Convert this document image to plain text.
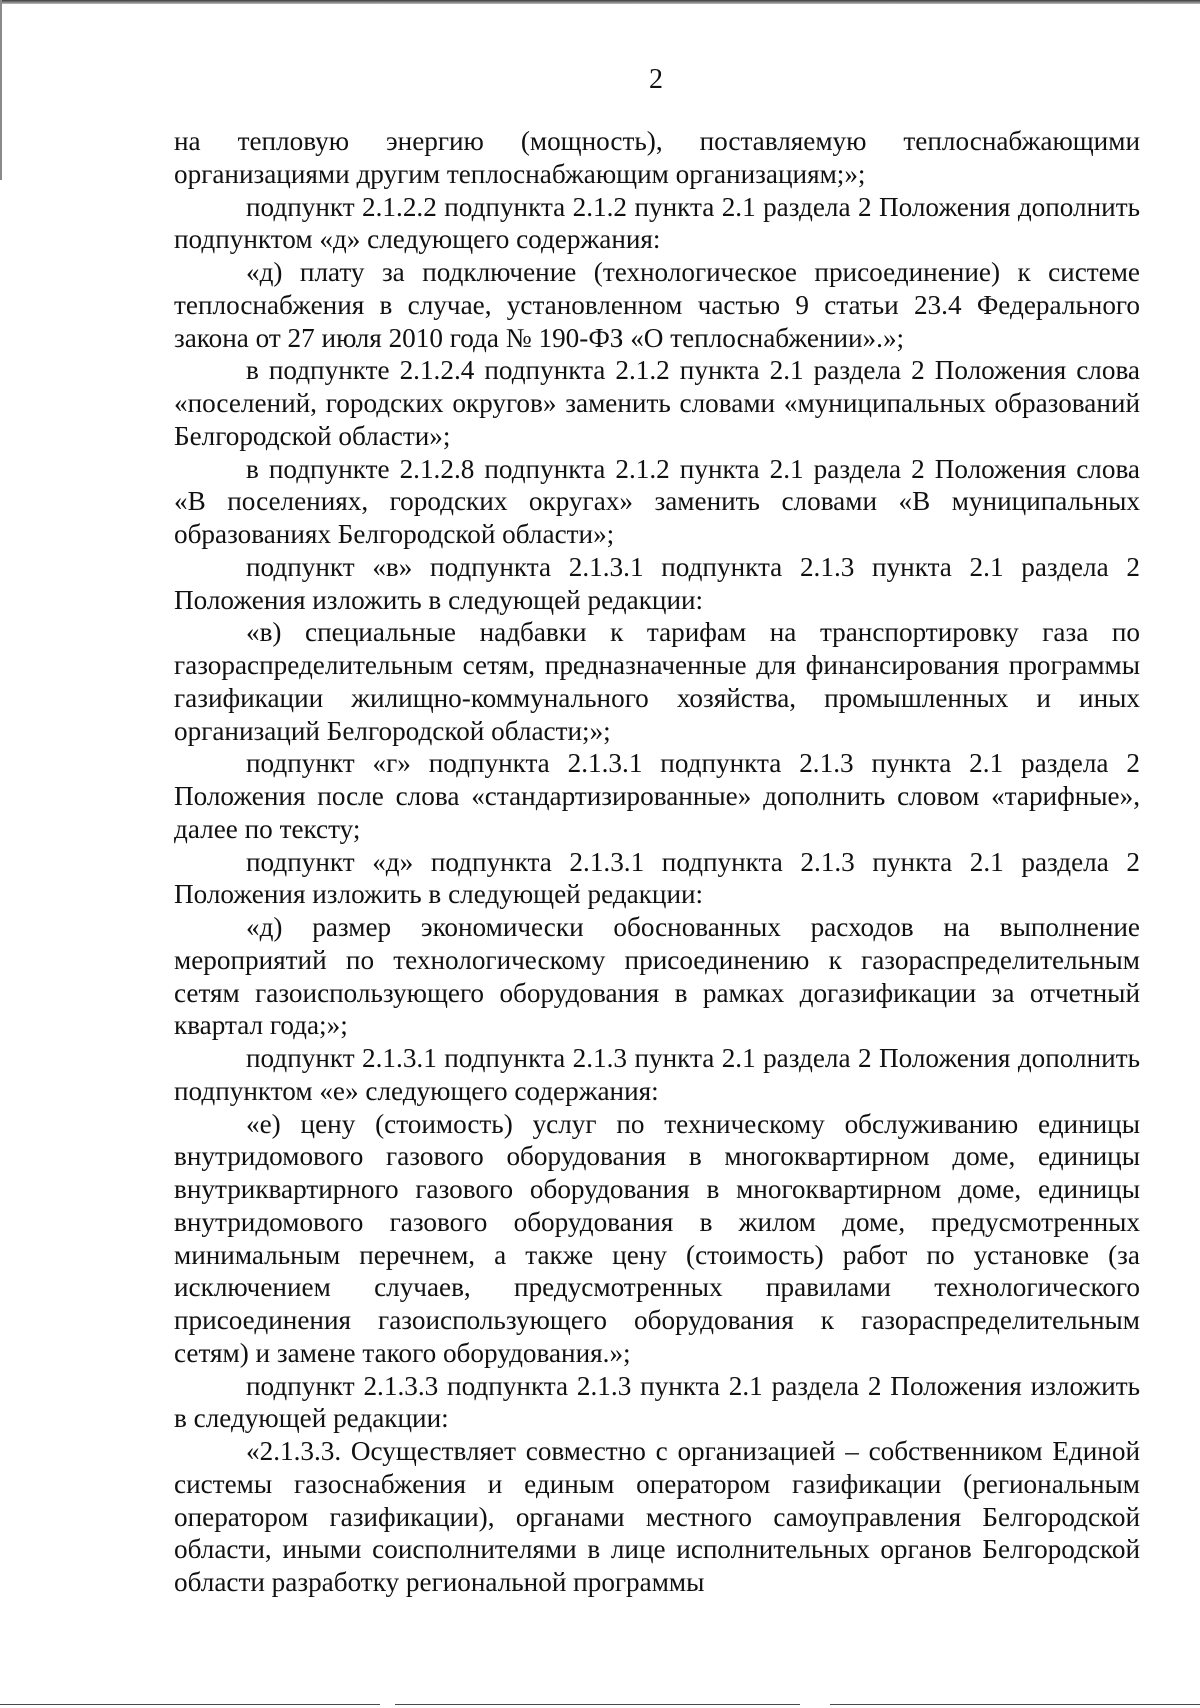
2

на тепловую энергию (мощность), поставляемую теплоснабжающими организациями другим теплоснабжающим организациям;»;

подпункт 2.1.2.2 подпункта 2.1.2 пункта 2.1 раздела 2 Положения дополнить подпунктом «д» следующего содержания:

«д) плату за подключение (технологическое присоединение) к системе теплоснабжения в случае, установленном частью 9 статьи 23.4 Федерального закона от 27 июля 2010 года № 190-ФЗ «О теплоснабжении».»;

в подпункте 2.1.2.4 подпункта 2.1.2 пункта 2.1 раздела 2 Положения слова «поселений, городских округов» заменить словами «муниципальных образований Белгородской области»;

в подпункте 2.1.2.8 подпункта 2.1.2 пункта 2.1 раздела 2 Положения слова «В поселениях, городских округах» заменить словами «В муниципальных образованиях Белгородской области»;

подпункт «в» подпункта 2.1.3.1 подпункта 2.1.3 пункта 2.1 раздела 2 Положения изложить в следующей редакции:

«в) специальные надбавки к тарифам на транспортировку газа по газораспределительным сетям, предназначенные для финансирования программы газификации жилищно-коммунального хозяйства, промышленных и иных организаций Белгородской области;»;

подпункт «г» подпункта 2.1.3.1 подпункта 2.1.3 пункта 2.1 раздела 2 Положения после слова «стандартизированные» дополнить словом «тарифные», далее по тексту;

подпункт «д» подпункта 2.1.3.1 подпункта 2.1.3 пункта 2.1 раздела 2 Положения изложить в следующей редакции:

«д) размер экономически обоснованных расходов на выполнение мероприятий по технологическому присоединению к газораспределительным сетям газоиспользующего оборудования в рамках догазификации за отчетный квартал года;»;

подпункт 2.1.3.1 подпункта 2.1.3 пункта 2.1 раздела 2 Положения дополнить подпунктом «е» следующего содержания:

«е) цену (стоимость) услуг по техническому обслуживанию единицы внутридомового газового оборудования в многоквартирном доме, единицы внутриквартирного газового оборудования в многоквартирном доме, единицы внутридомового газового оборудования в жилом доме, предусмотренных минимальным перечнем, а также цену (стоимость) работ по установке (за исключением случаев, предусмотренных правилами технологического присоединения газоиспользующего оборудования к газораспределительным сетям) и замене такого оборудования.»;

подпункт 2.1.3.3 подпункта 2.1.3 пункта 2.1 раздела 2 Положения изложить в следующей редакции:

«2.1.3.3. Осуществляет совместно с организацией – собственником Единой системы газоснабжения и единым оператором газификации (региональным оператором газификации), органами местного самоуправления Белгородской области, иными соисполнителями в лице исполнительных органов Белгородской области разработку региональной программы
